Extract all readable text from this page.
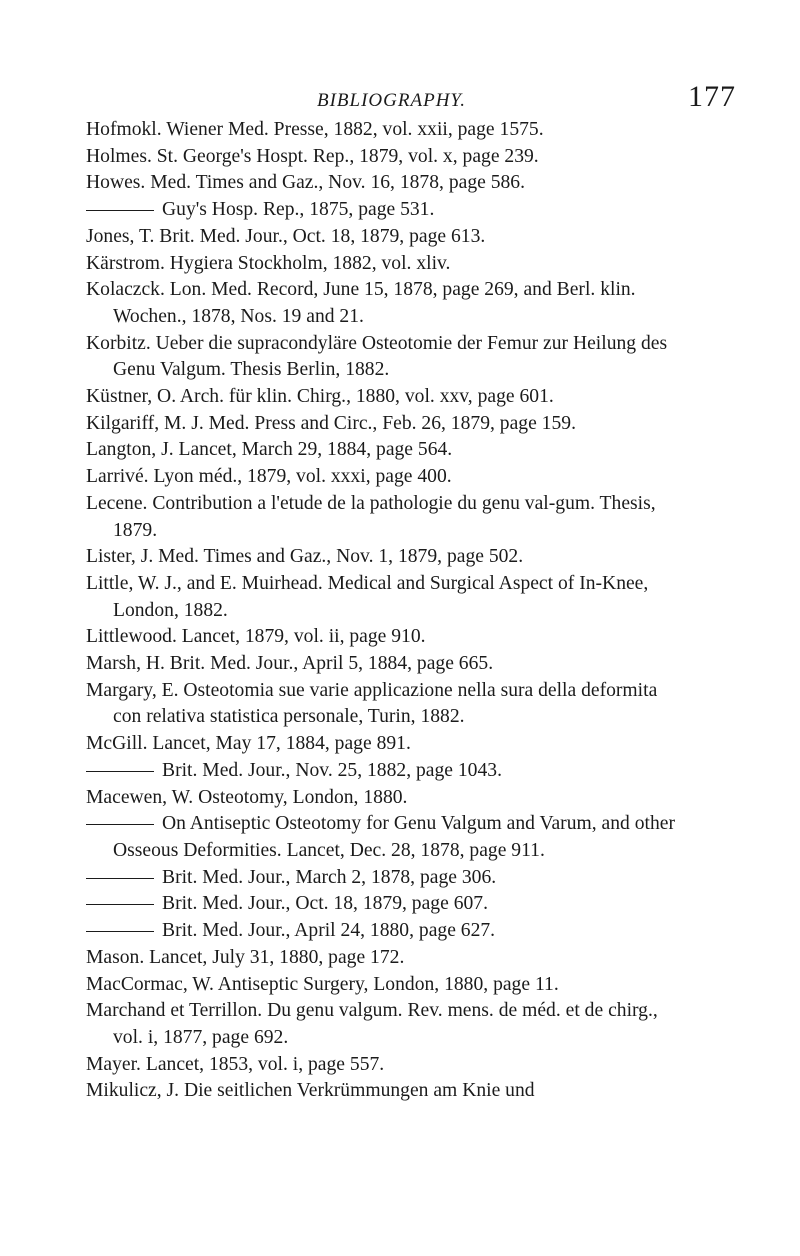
BIBLIOGRAPHY.	177
Hofmokl. Wiener Med. Presse, 1882, vol. xxii, page 1575.
Holmes. St. George's Hospt. Rep., 1879, vol. x, page 239.
Howes. Med. Times and Gaz., Nov. 16, 1878, page 586.
Guy's Hosp. Rep., 1875, page 531.
Jones, T. Brit. Med. Jour., Oct. 18, 1879, page 613.
Kärstrom. Hygiera Stockholm, 1882, vol. xliv.
Kolaczck. Lon. Med. Record, June 15, 1878, page 269, and Berl. klin. Wochen., 1878, Nos. 19 and 21.
Korbitz. Ueber die supracondyläre Osteotomie der Femur zur Heilung des Genu Valgum. Thesis Berlin, 1882.
Küstner, O. Arch. für klin. Chirg., 1880, vol. xxv, page 601.
Kilgariff, M. J. Med. Press and Circ., Feb. 26, 1879, page 159.
Langton, J. Lancet, March 29, 1884, page 564.
Larrivé. Lyon méd., 1879, vol. xxxi, page 400.
Lecene. Contribution a l'etude de la pathologie du genu val-gum. Thesis, 1879.
Lister, J. Med. Times and Gaz., Nov. 1, 1879, page 502.
Little, W. J., and E. Muirhead. Medical and Surgical Aspect of In-Knee, London, 1882.
Littlewood. Lancet, 1879, vol. ii, page 910.
Marsh, H. Brit. Med. Jour., April 5, 1884, page 665.
Margary, E. Osteotomia sue varie applicazione nella sura della deformita con relativa statistica personale, Turin, 1882.
McGill. Lancet, May 17, 1884, page 891.
Brit. Med. Jour., Nov. 25, 1882, page 1043.
Macewen, W. Osteotomy, London, 1880.
On Antiseptic Osteotomy for Genu Valgum and Varum, and other Osseous Deformities. Lancet, Dec. 28, 1878, page 911.
Brit. Med. Jour., March 2, 1878, page 306.
Brit. Med. Jour., Oct. 18, 1879, page 607.
Brit. Med. Jour., April 24, 1880, page 627.
Mason. Lancet, July 31, 1880, page 172.
MacCormac, W. Antiseptic Surgery, London, 1880, page 11.
Marchand et Terrillon. Du genu valgum. Rev. mens. de méd. et de chirg., vol. i, 1877, page 692.
Mayer. Lancet, 1853, vol. i, page 557.
Mikulicz, J. Die seitlichen Verkrümmungen am Knie und
